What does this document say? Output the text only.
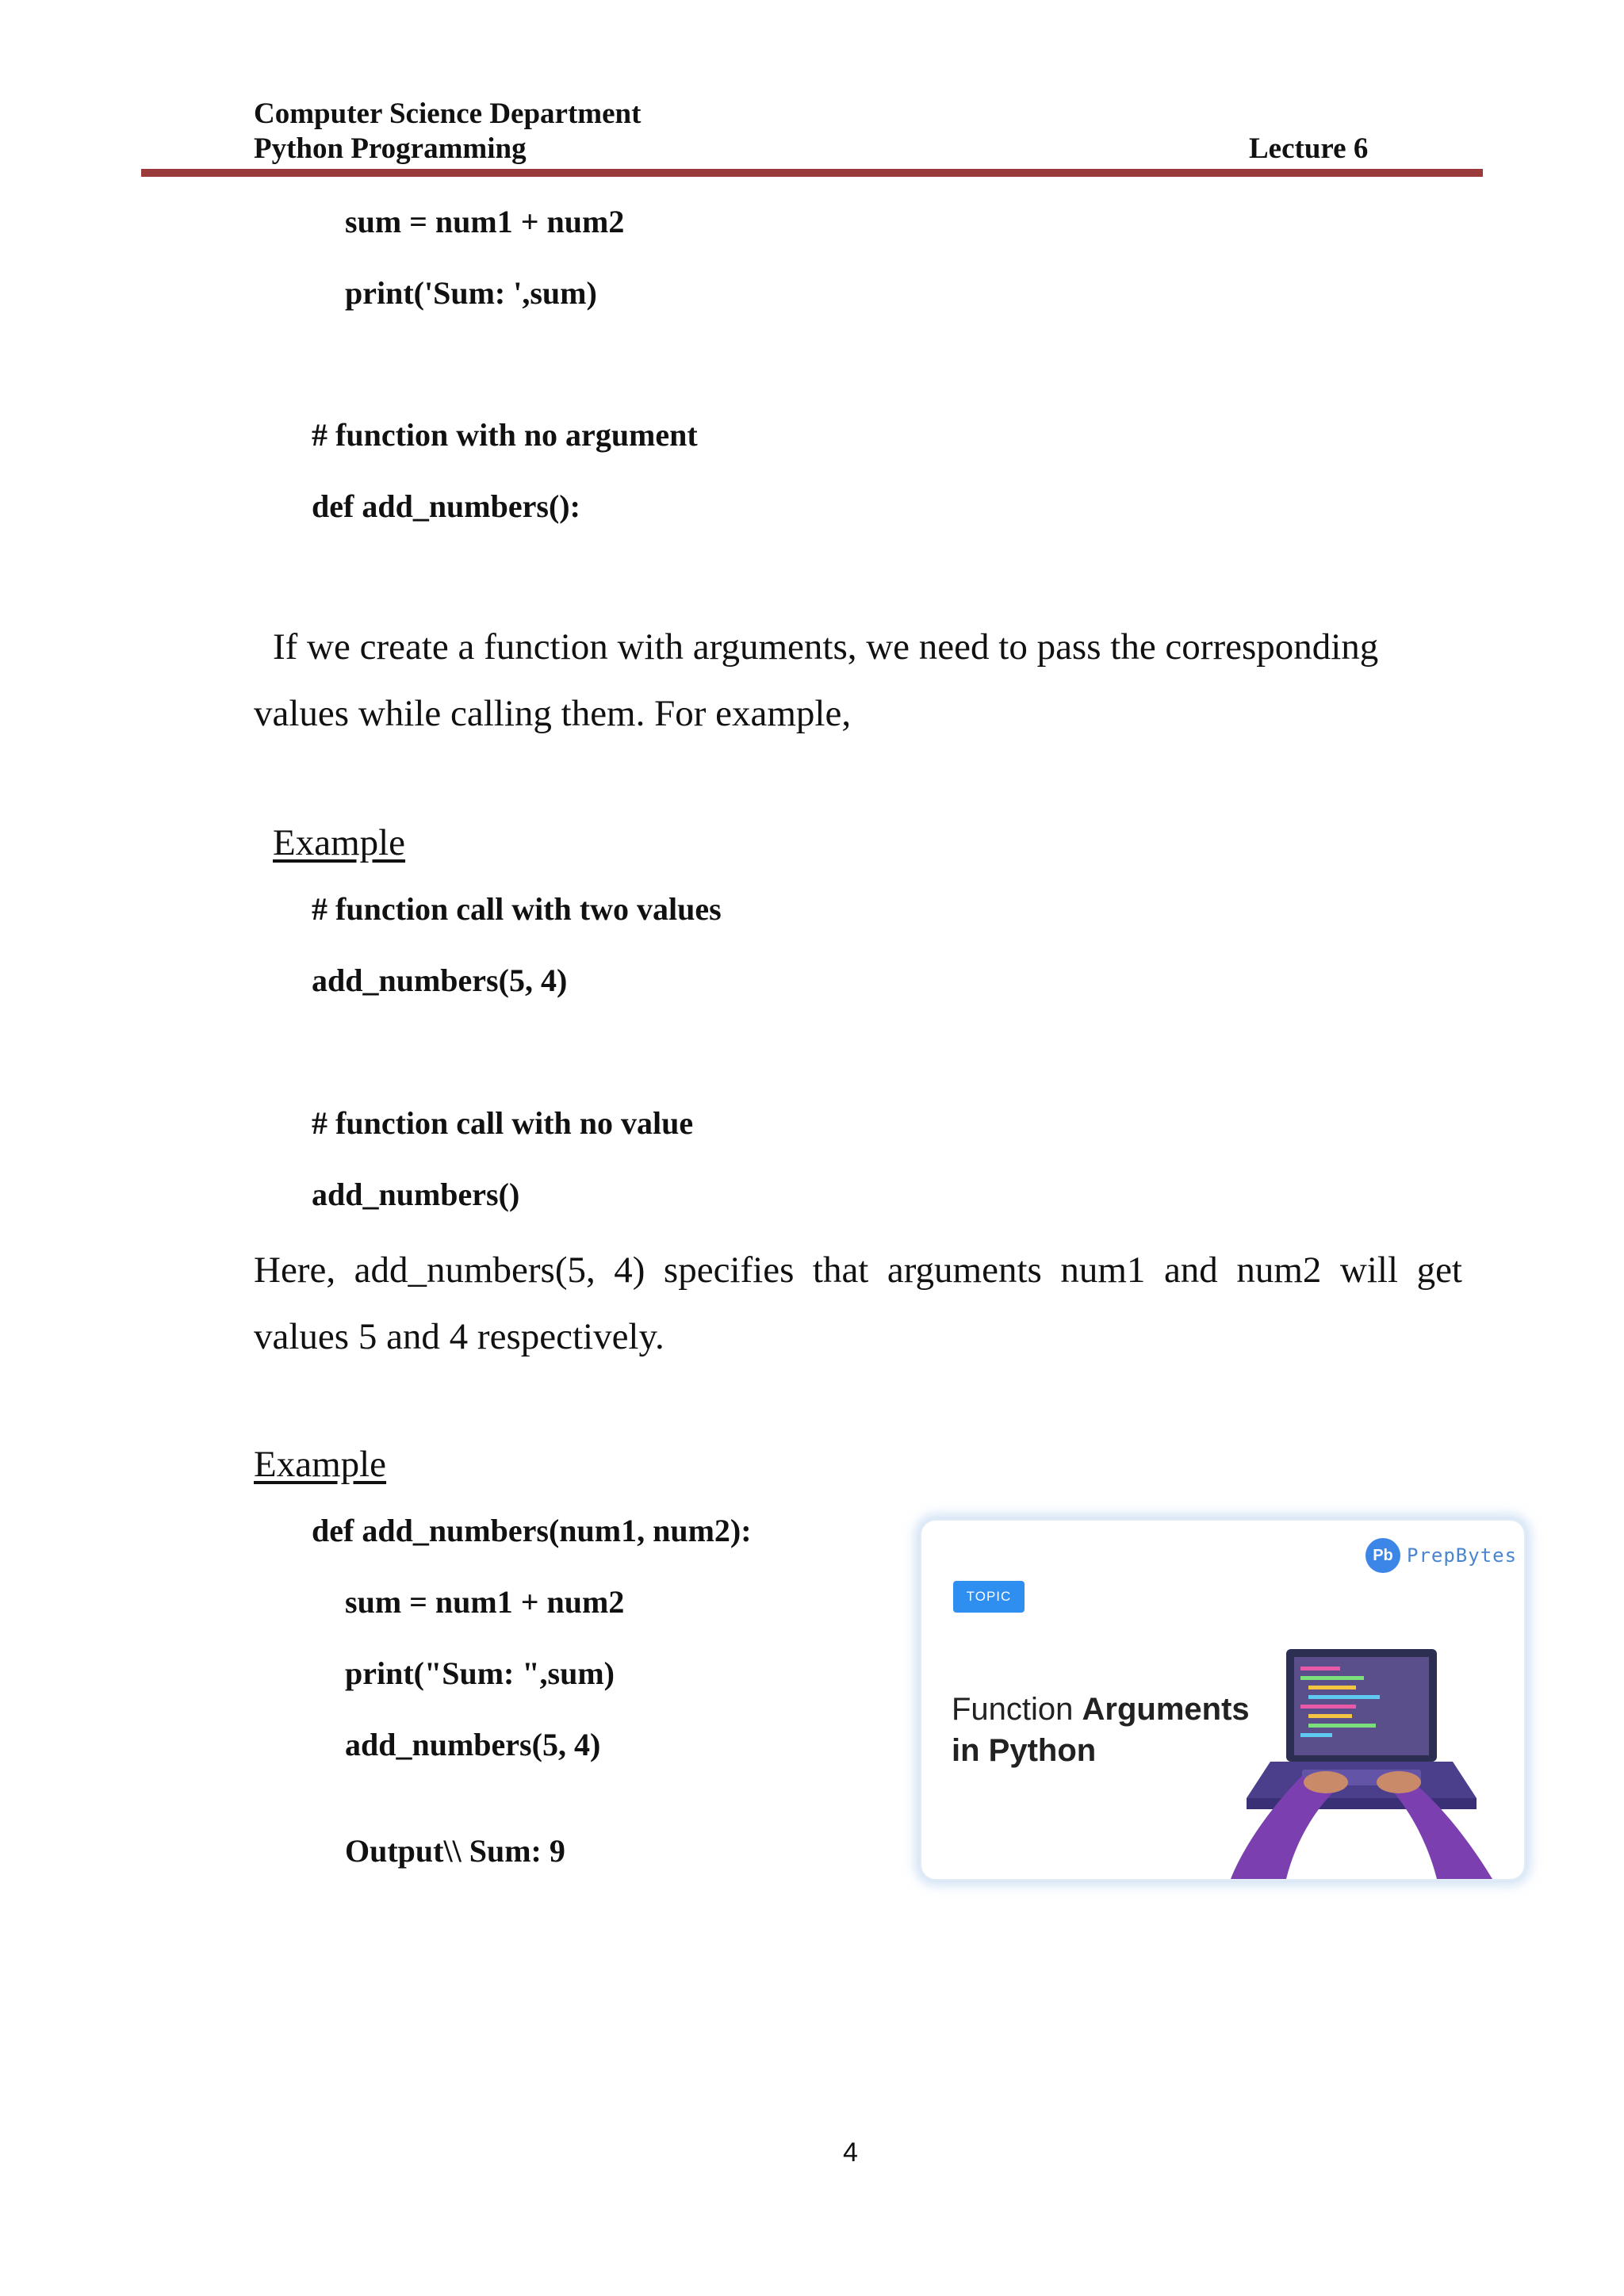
Computer Science Department
Python Programming	Lecture 6
sum = num1 + num2
print('Sum: ',sum)
# function with no argument
def add_numbers():
If we create a function with arguments, we need to pass the corresponding values while calling them. For example,
Example
# function call with two values
add_numbers(5, 4)
# function call with no value
add_numbers()
Here, add_numbers(5, 4) specifies that arguments num1 and num2 will get values 5 and 4 respectively.
Example
def add_numbers(num1, num2):
sum = num1 + num2
print("Sum: ",sum)
add_numbers(5, 4)
Output\\ Sum: 9
Pb PrepBytes
TOPIC
Function Arguments in Python
4
